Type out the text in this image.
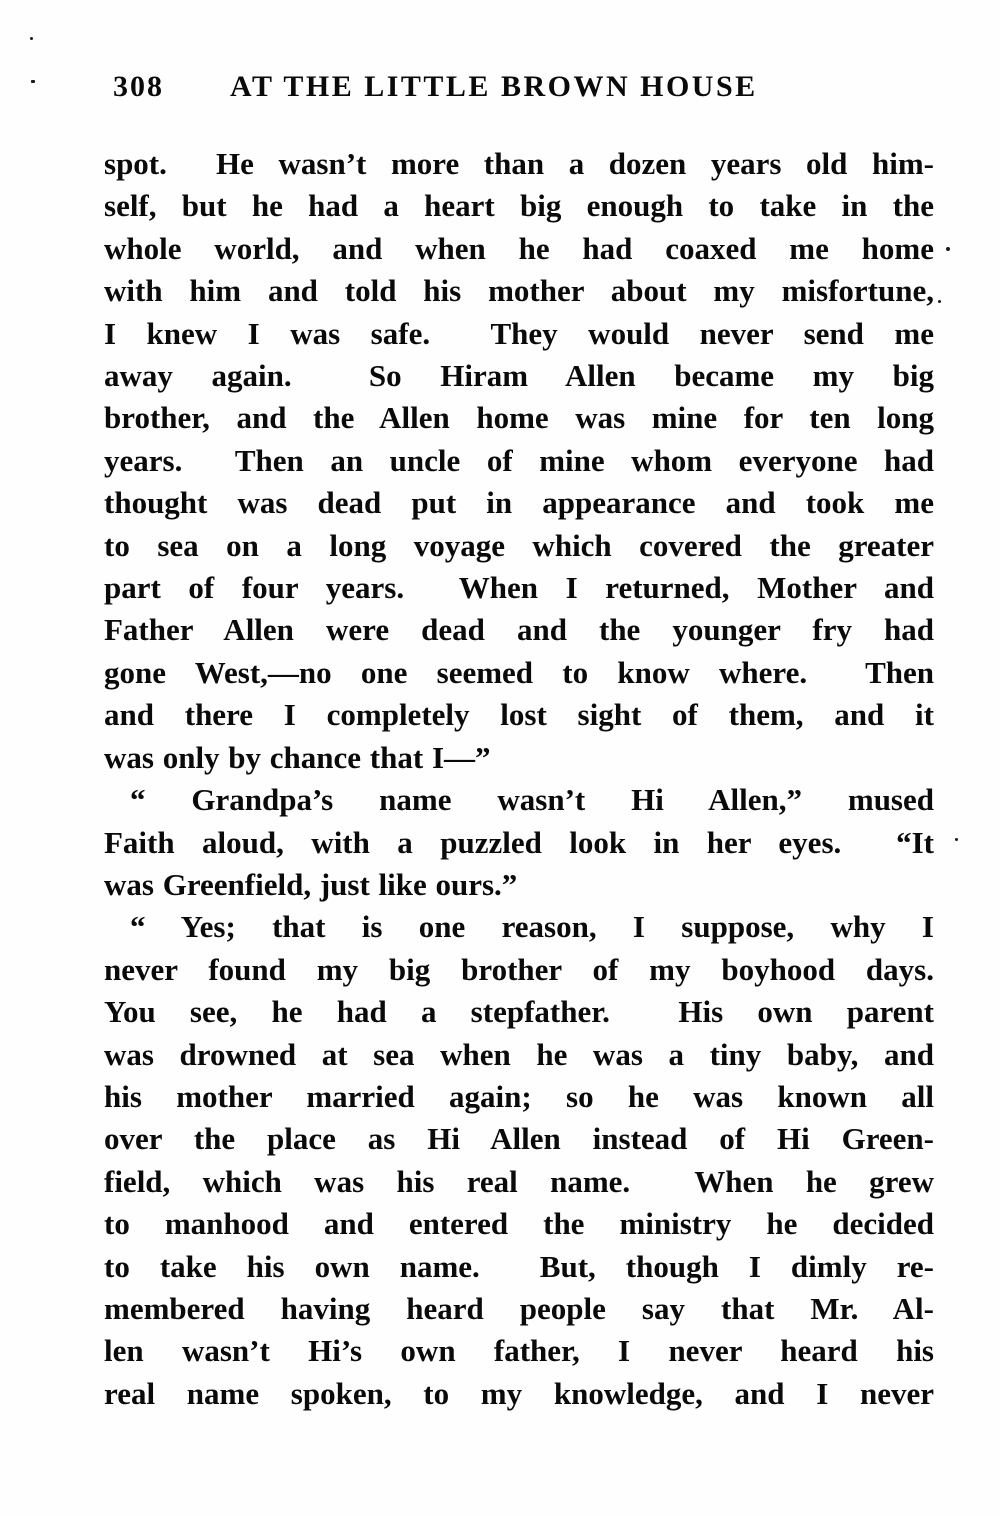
308 AT THE LITTLE BROWN HOUSE
spot.  He wasn’t more than a dozen years old him-
self, but he had a heart big enough to take in the
whole world, and when he had coaxed me home
with him and told his mother about my misfortune,
I knew I was safe.  They would never send me
away again.  So Hiram Allen became my big
brother, and the Allen home was mine for ten long
years.  Then an uncle of mine whom everyone had
thought was dead put in appearance and took me
to sea on a long voyage which covered the greater
part of four years.  When I returned, Mother and
Father Allen were dead and the younger fry had
gone West,—no one seemed to know where.  Then
and there I completely lost sight of them, and it
was only by chance that I—”
“ Grandpa’s name wasn’t Hi Allen,” mused
Faith aloud, with a puzzled look in her eyes.  “It
was Greenfield, just like ours.”
“ Yes; that is one reason, I suppose, why I
never found my big brother of my boyhood days.
You see, he had a stepfather.  His own parent
was drowned at sea when he was a tiny baby, and
his mother married again; so he was known all
over the place as Hi Allen instead of Hi Green-
field, which was his real name.  When he grew
to manhood and entered the ministry he decided
to take his own name.  But, though I dimly re-
membered having heard people say that Mr. Al-
len wasn’t Hi’s own father, I never heard his
real name spoken, to my knowledge, and I never
